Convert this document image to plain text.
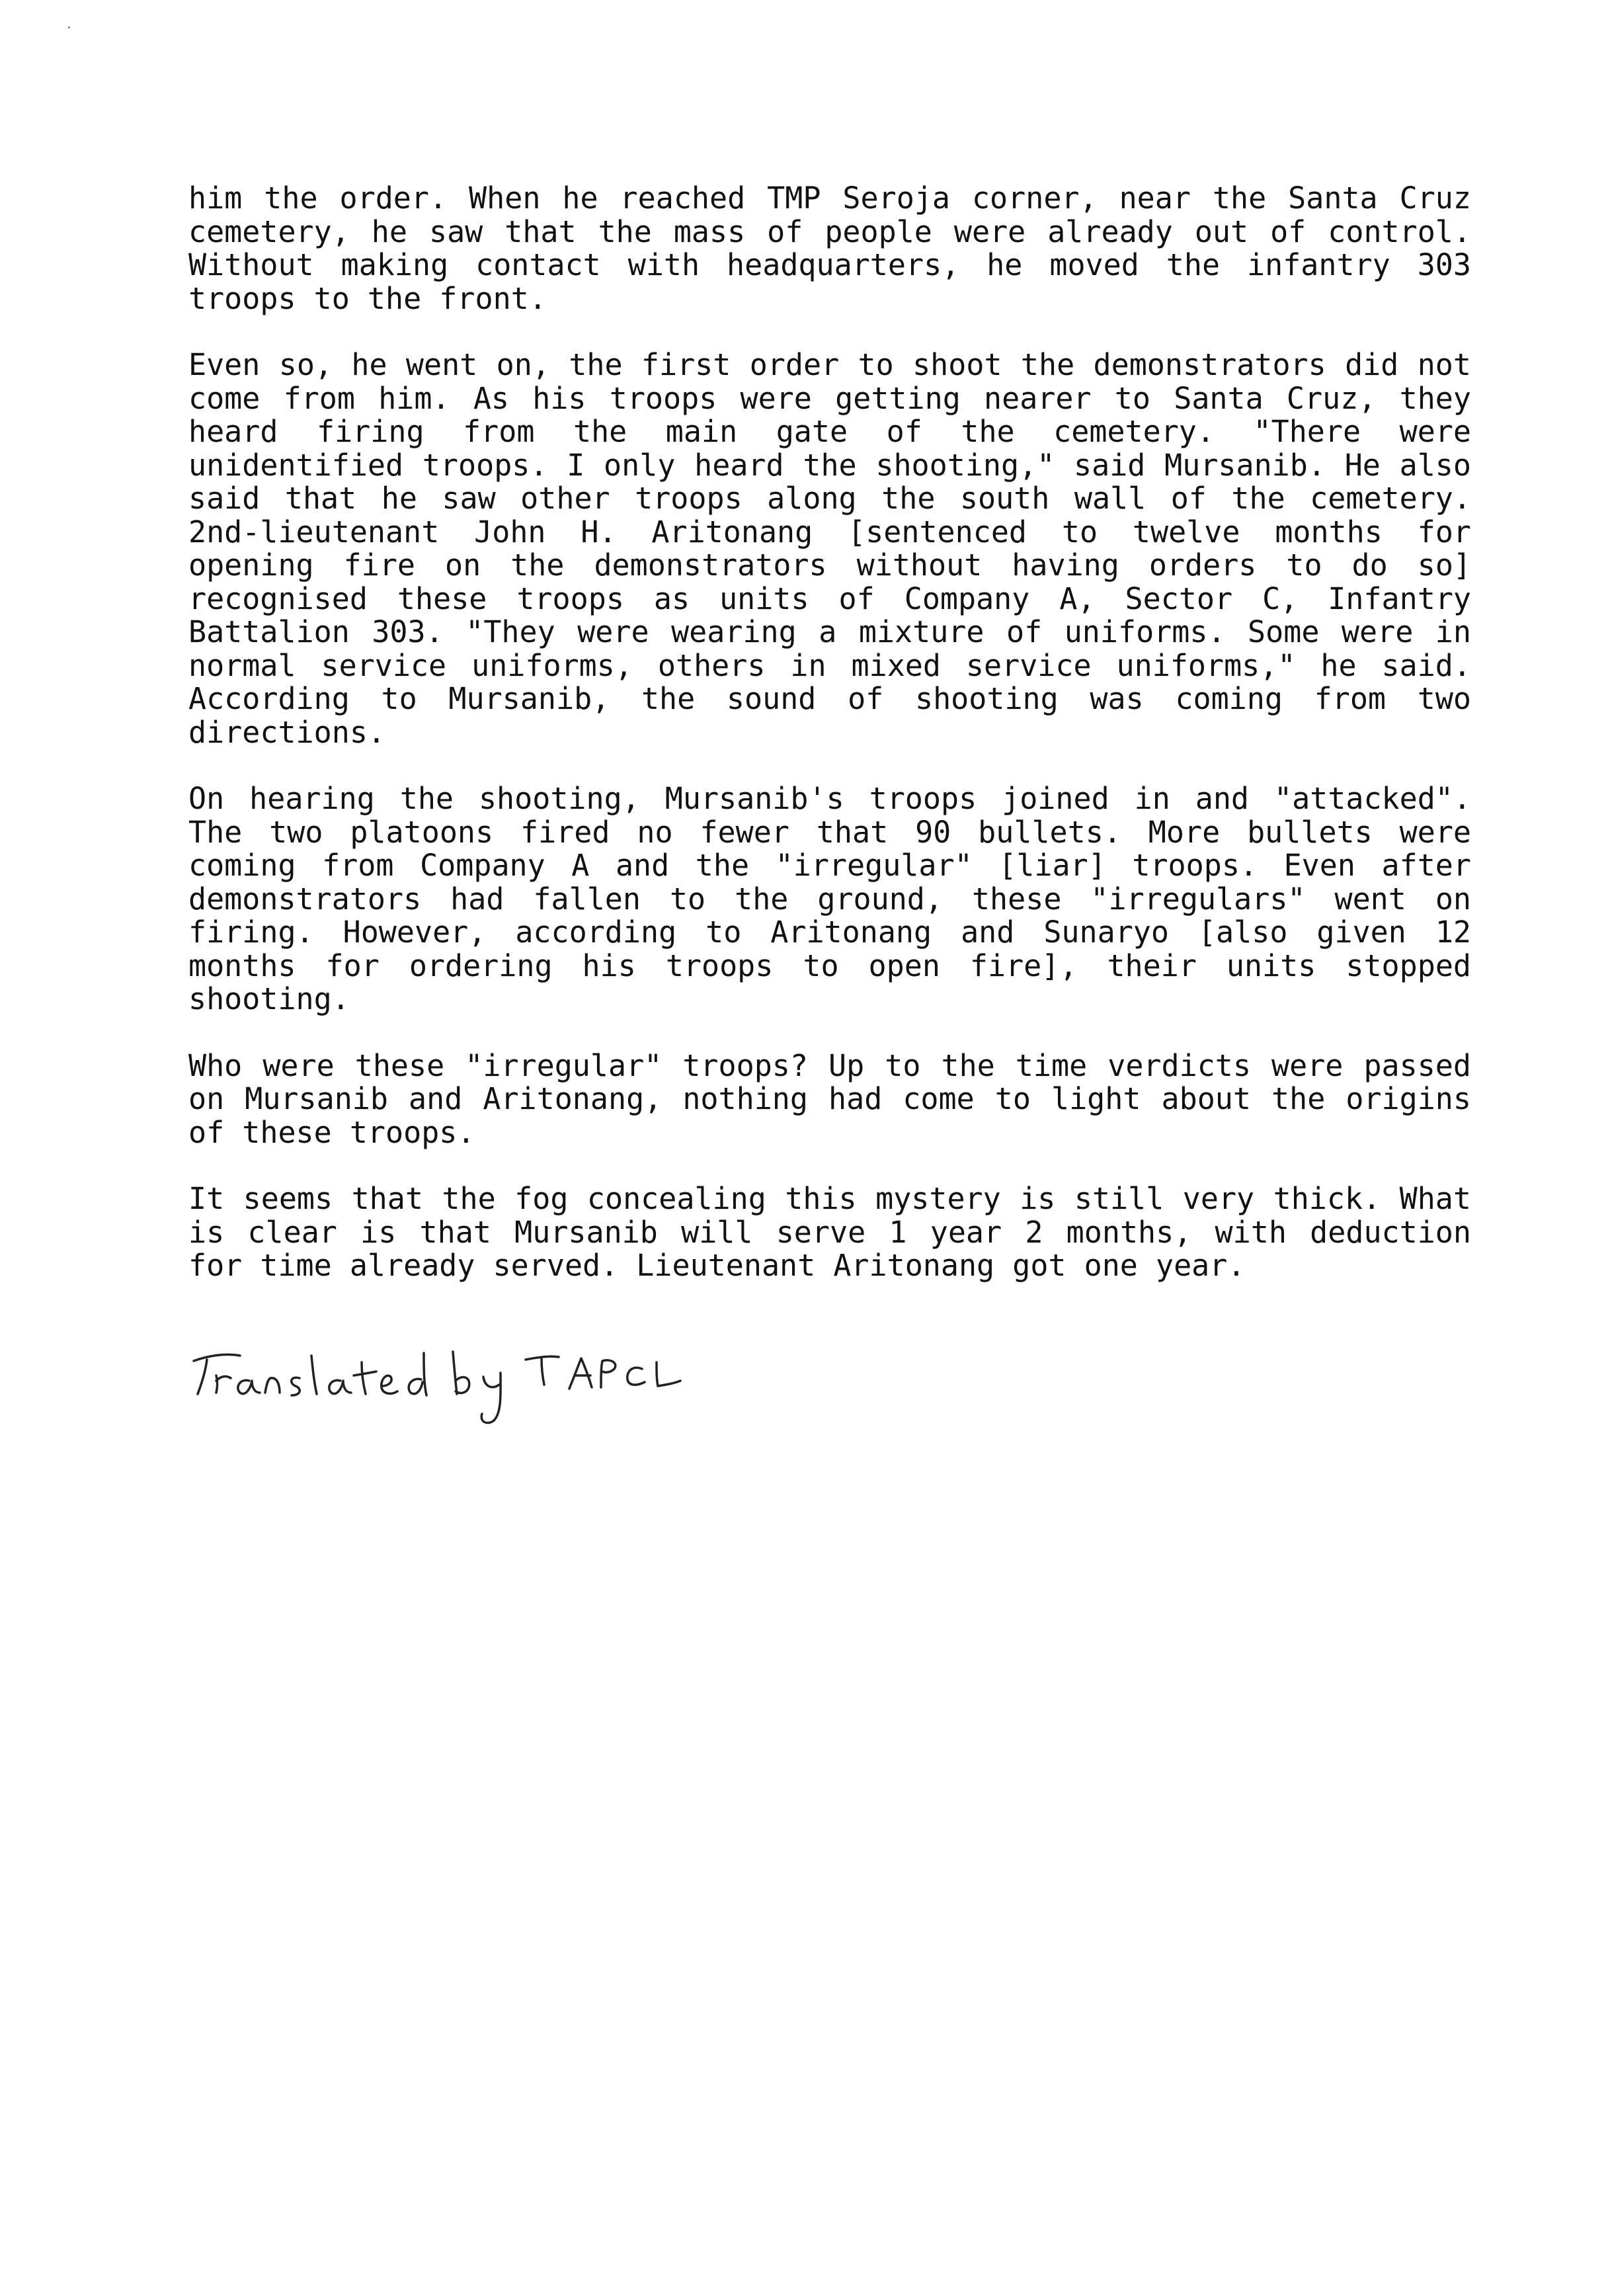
him the order. When he reached TMP Seroja corner, near the Santa Cruz cemetery, he saw that the mass of people were already out of control. Without making contact with headquarters, he moved the infantry 303 troops to the front.

Even so, he went on, the first order to shoot the demonstrators did not come from him. As his troops were getting nearer to Santa Cruz, they heard firing from the main gate of the cemetery. "There were unidentified troops. I only heard the shooting," said Mursanib. He also said that he saw other troops along the south wall of the cemetery. 2nd-lieutenant John H. Aritonang [sentenced to twelve months for opening fire on the demonstrators without having orders to do so] recognised these troops as units of Company A, Sector C, Infantry Battalion 303. "They were wearing a mixture of uniforms. Some were in normal service uniforms, others in mixed service uniforms," he said. According to Mursanib, the sound of shooting was coming from two directions.

On hearing the shooting, Mursanib's troops joined in and "attacked". The two platoons fired no fewer that 90 bullets. More bullets were coming from Company A and the "irregular" [liar] troops. Even after demonstrators had fallen to the ground, these "irregulars" went on firing. However, according to Aritonang and Sunaryo [also given 12 months for ordering his troops to open fire], their units stopped shooting.

Who were these "irregular" troops? Up to the time verdicts were passed on Mursanib and Aritonang, nothing had come to light about the origins of these troops.

It seems that the fog concealing this mystery is still very thick. What is clear is that Mursanib will serve 1 year 2 months, with deduction for time already served. Lieutenant Aritonang got one year.
